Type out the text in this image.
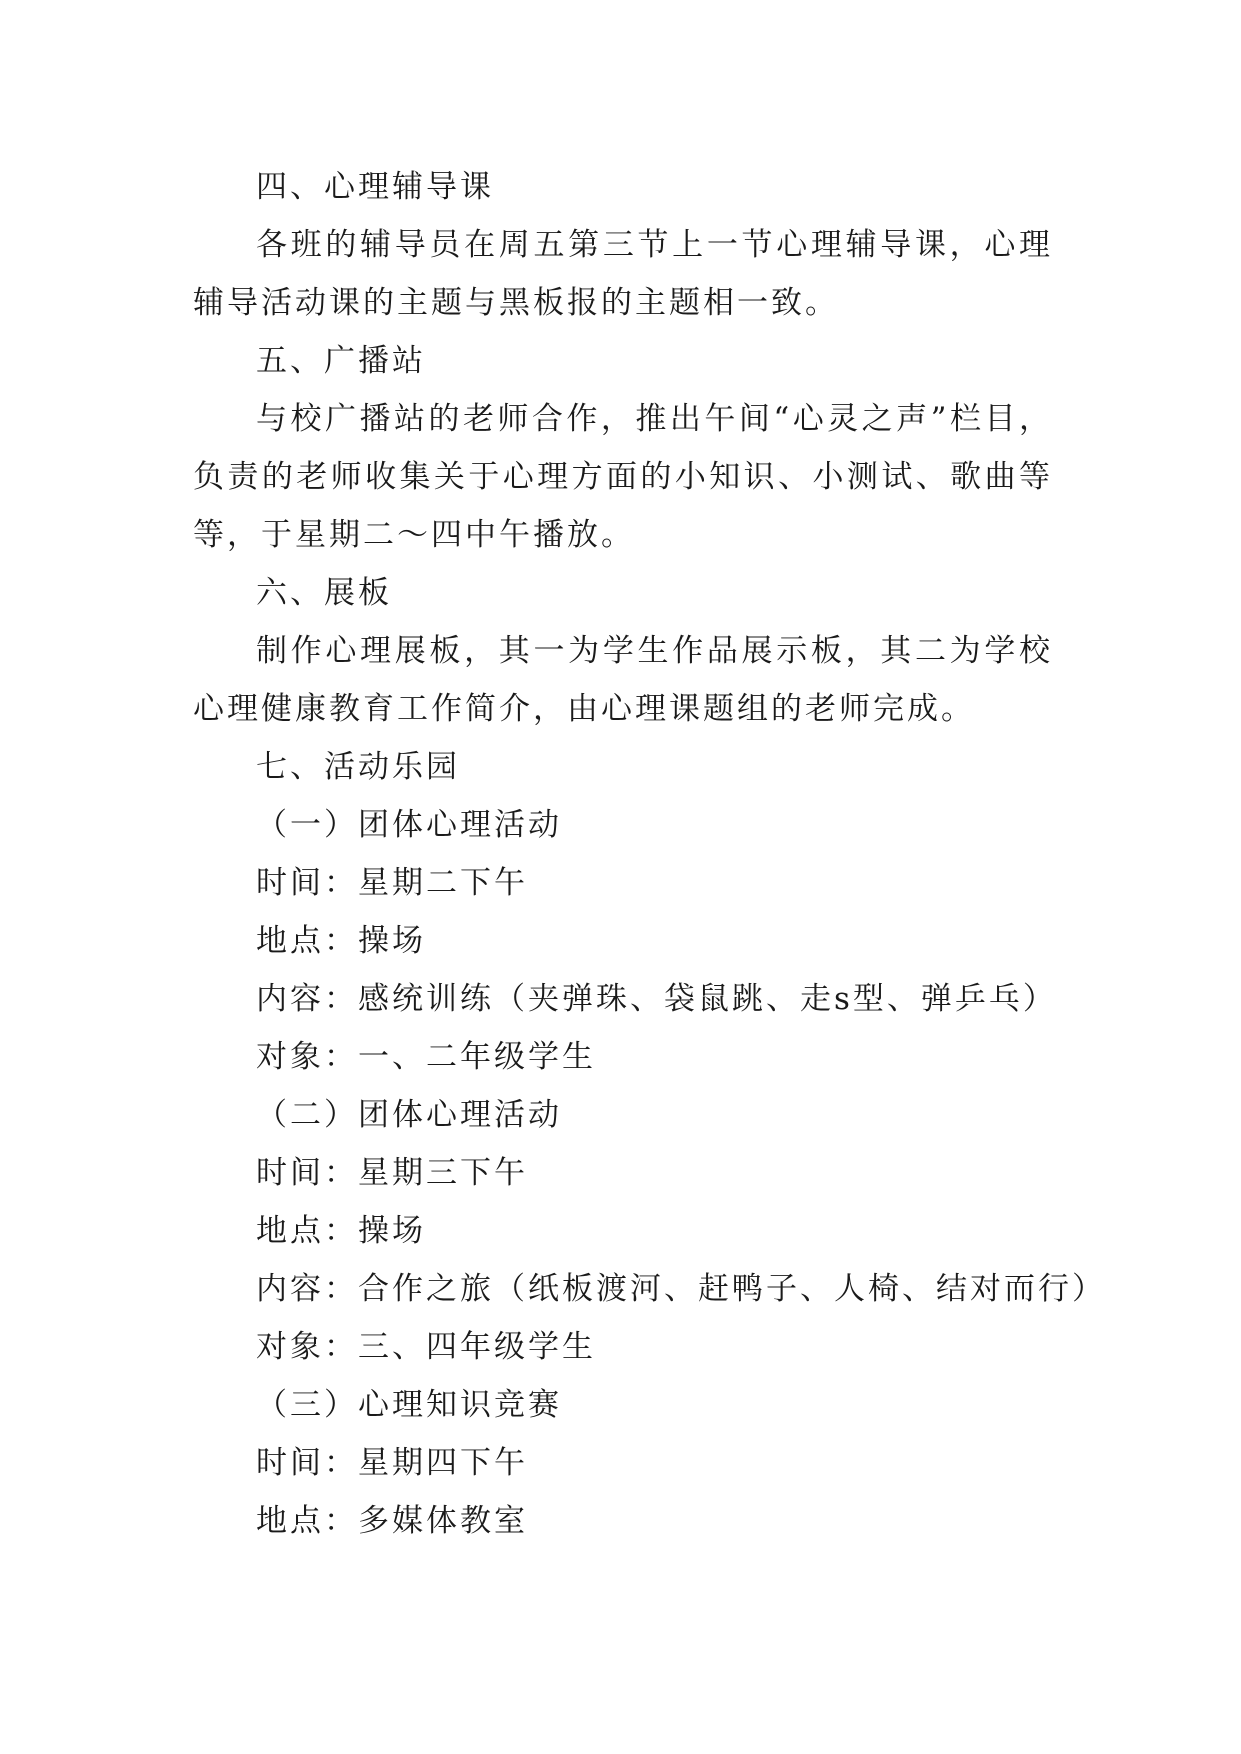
四、心理辅导课

各班的辅导员在周五第三节上一节心理辅导课，心理辅导活动课的主题与黑板报的主题相一致。

五、广播站

与校广播站的老师合作，推出午间“心灵之声”栏目，负责的老师收集关于心理方面的小知识、小测试、歌曲等等，于星期二～四中午播放。

六、展板

制作心理展板，其一为学生作品展示板，其二为学校心理健康教育工作简介，由心理课题组的老师完成。

七、活动乐园
（一）团体心理活动
时间：星期二下午
地点：操场
内容：感统训练（夹弹珠、袋鼠跳、走s型、弹乒乓）
对象：一、二年级学生
（二）团体心理活动
时间：星期三下午
地点：操场
内容：合作之旅（纸板渡河、赶鸭子、人椅、结对而行）
对象：三、四年级学生
（三）心理知识竞赛
时间：星期四下午
地点：多媒体教室
